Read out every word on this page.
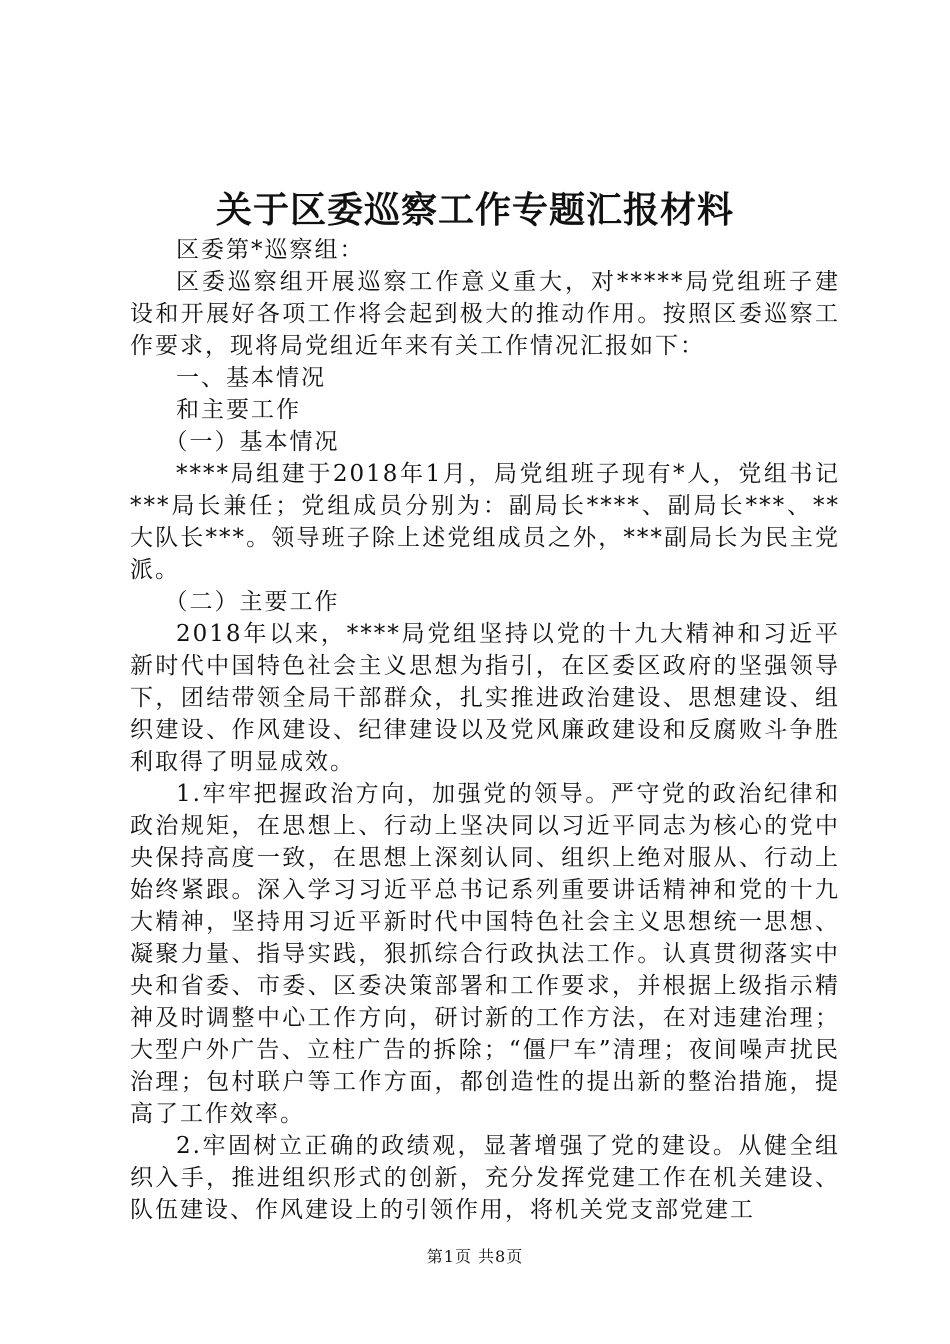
关于区委巡察工作专题汇报材料

区委第*巡察组：

区委巡察组开展巡察工作意义重大，对*****局党组班子建设和开展好各项工作将会起到极大的推动作用。按照区委巡察工作要求，现将局党组近年来有关工作情况汇报如下：

一、基本情况

和主要工作

（一）基本情况

****局组建于2018年1月，局党组班子现有*人，党组书记***局长兼任；党组成员分别为：副局长****、副局长***、**大队长***。领导班子除上述党组成员之外，***副局长为民主党派。

（二）主要工作

2018年以来，****局党组坚持以党的十九大精神和习近平新时代中国特色社会主义思想为指引，在区委区政府的坚强领导下，团结带领全局干部群众，扎实推进政治建设、思想建设、组织建设、作风建设、纪律建设以及党风廉政建设和反腐败斗争胜利取得了明显成效。

1.牢牢把握政治方向，加强党的领导。严守党的政治纪律和政治规矩，在思想上、行动上坚决同以习近平同志为核心的党中央保持高度一致，在思想上深刻认同、组织上绝对服从、行动上始终紧跟。深入学习习近平总书记系列重要讲话精神和党的十九大精神，坚持用习近平新时代中国特色社会主义思想统一思想、凝聚力量、指导实践，狠抓综合行政执法工作。认真贯彻落实中央和省委、市委、区委决策部署和工作要求，并根据上级指示精神及时调整中心工作方向，研讨新的工作方法，在对违建治理；大型户外广告、立柱广告的拆除；“僵尸车”清理；夜间噪声扰民治理；包村联户等工作方面，都创造性的提出新的整治措施，提高了工作效率。

2.牢固树立正确的政绩观，显著增强了党的建设。从健全组织入手，推进组织形式的创新，充分发挥党建工作在机关建设、队伍建设、作风建设上的引领作用，将机关党支部党建工

第1页 共8页
